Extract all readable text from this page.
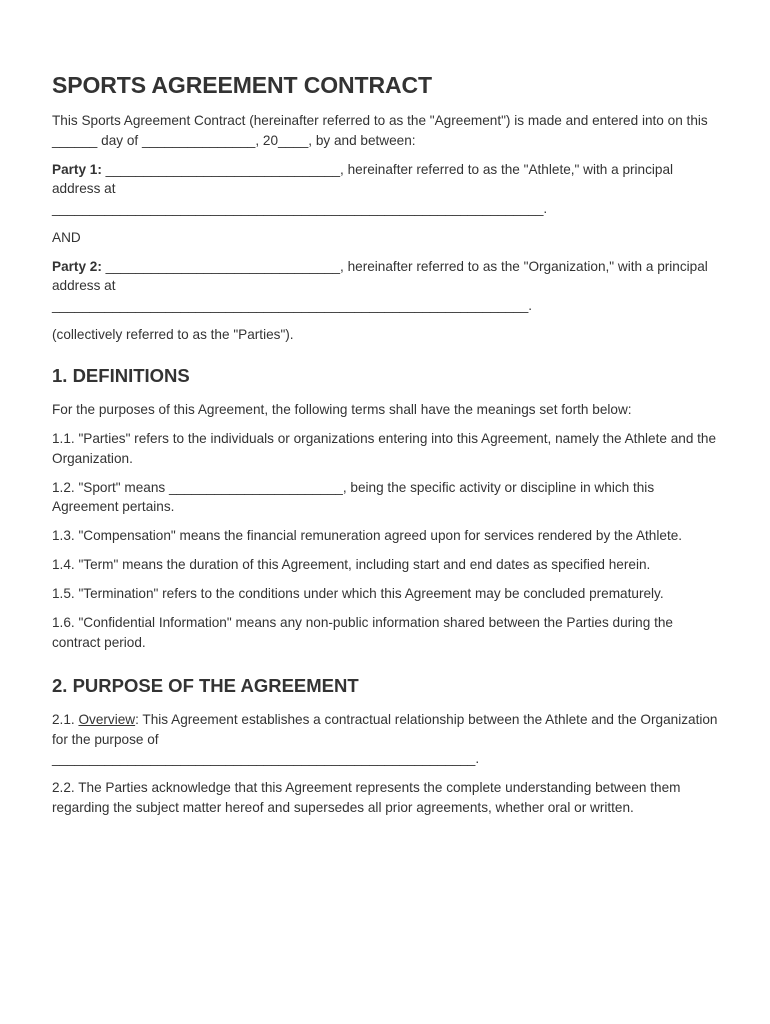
SPORTS AGREEMENT CONTRACT

This Sports Agreement Contract (hereinafter referred to as the "Agreement") is made and entered into on this ______ day of _______________, 20____, by and between:

Party 1: _______________________________, hereinafter referred to as the "Athlete," with a principal address at
_________________________________________________________________.

AND

Party 2: _______________________________, hereinafter referred to as the "Organization," with a principal address at
_______________________________________________________________.

(collectively referred to as the "Parties").

1. DEFINITIONS

For the purposes of this Agreement, the following terms shall have the meanings set forth below:

1.1. "Parties" refers to the individuals or organizations entering into this Agreement, namely the Athlete and the Organization.

1.2. "Sport" means _______________________, being the specific activity or discipline in which this Agreement pertains.

1.3. "Compensation" means the financial remuneration agreed upon for services rendered by the Athlete.

1.4. "Term" means the duration of this Agreement, including start and end dates as specified herein.

1.5. "Termination" refers to the conditions under which this Agreement may be concluded prematurely.

1.6. "Confidential Information" means any non-public information shared between the Parties during the contract period.

2. PURPOSE OF THE AGREEMENT

2.1. Overview: This Agreement establishes a contractual relationship between the Athlete and the Organization for the purpose of
________________________________________________________.

2.2. The Parties acknowledge that this Agreement represents the complete understanding between them regarding the subject matter hereof and supersedes all prior agreements, whether oral or written.
